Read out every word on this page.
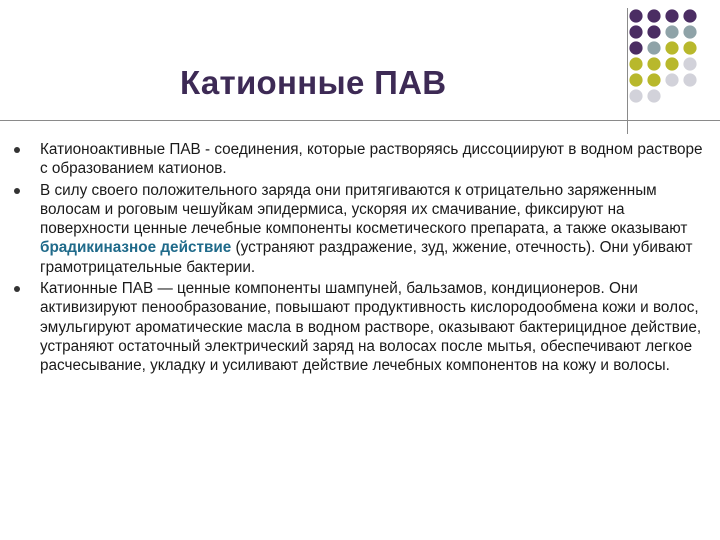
Катионные ПАВ
Катионоактивные ПАВ - соединения, которые растворяясь диссоциируют в водном растворе с образованием катионов.
В силу своего положительного заряда они притягиваются к отрицательно заряженным волосам и роговым чешуйкам эпидермиса, ускоряя их смачивание, фиксируют на поверхности ценные лечебные компоненты косметического препарата, а также оказывают брадикиназное действие (устраняют раздражение, зуд, жжение, отечность). Они убивают грамотрицательные бактерии.
Катионные ПАВ — ценные компоненты шампуней, бальзамов, кондиционеров. Они активизируют пенообразование, повышают продуктивность кислородообмена кожи и волос, эмульгируют ароматические масла в водном растворе, оказывают бактерицидное действие, устраняют остаточный электрический заряд на волосах после мытья, обеспечивают легкое расчесывание, укладку и усиливают действие лечебных компонентов на кожу и волосы.
